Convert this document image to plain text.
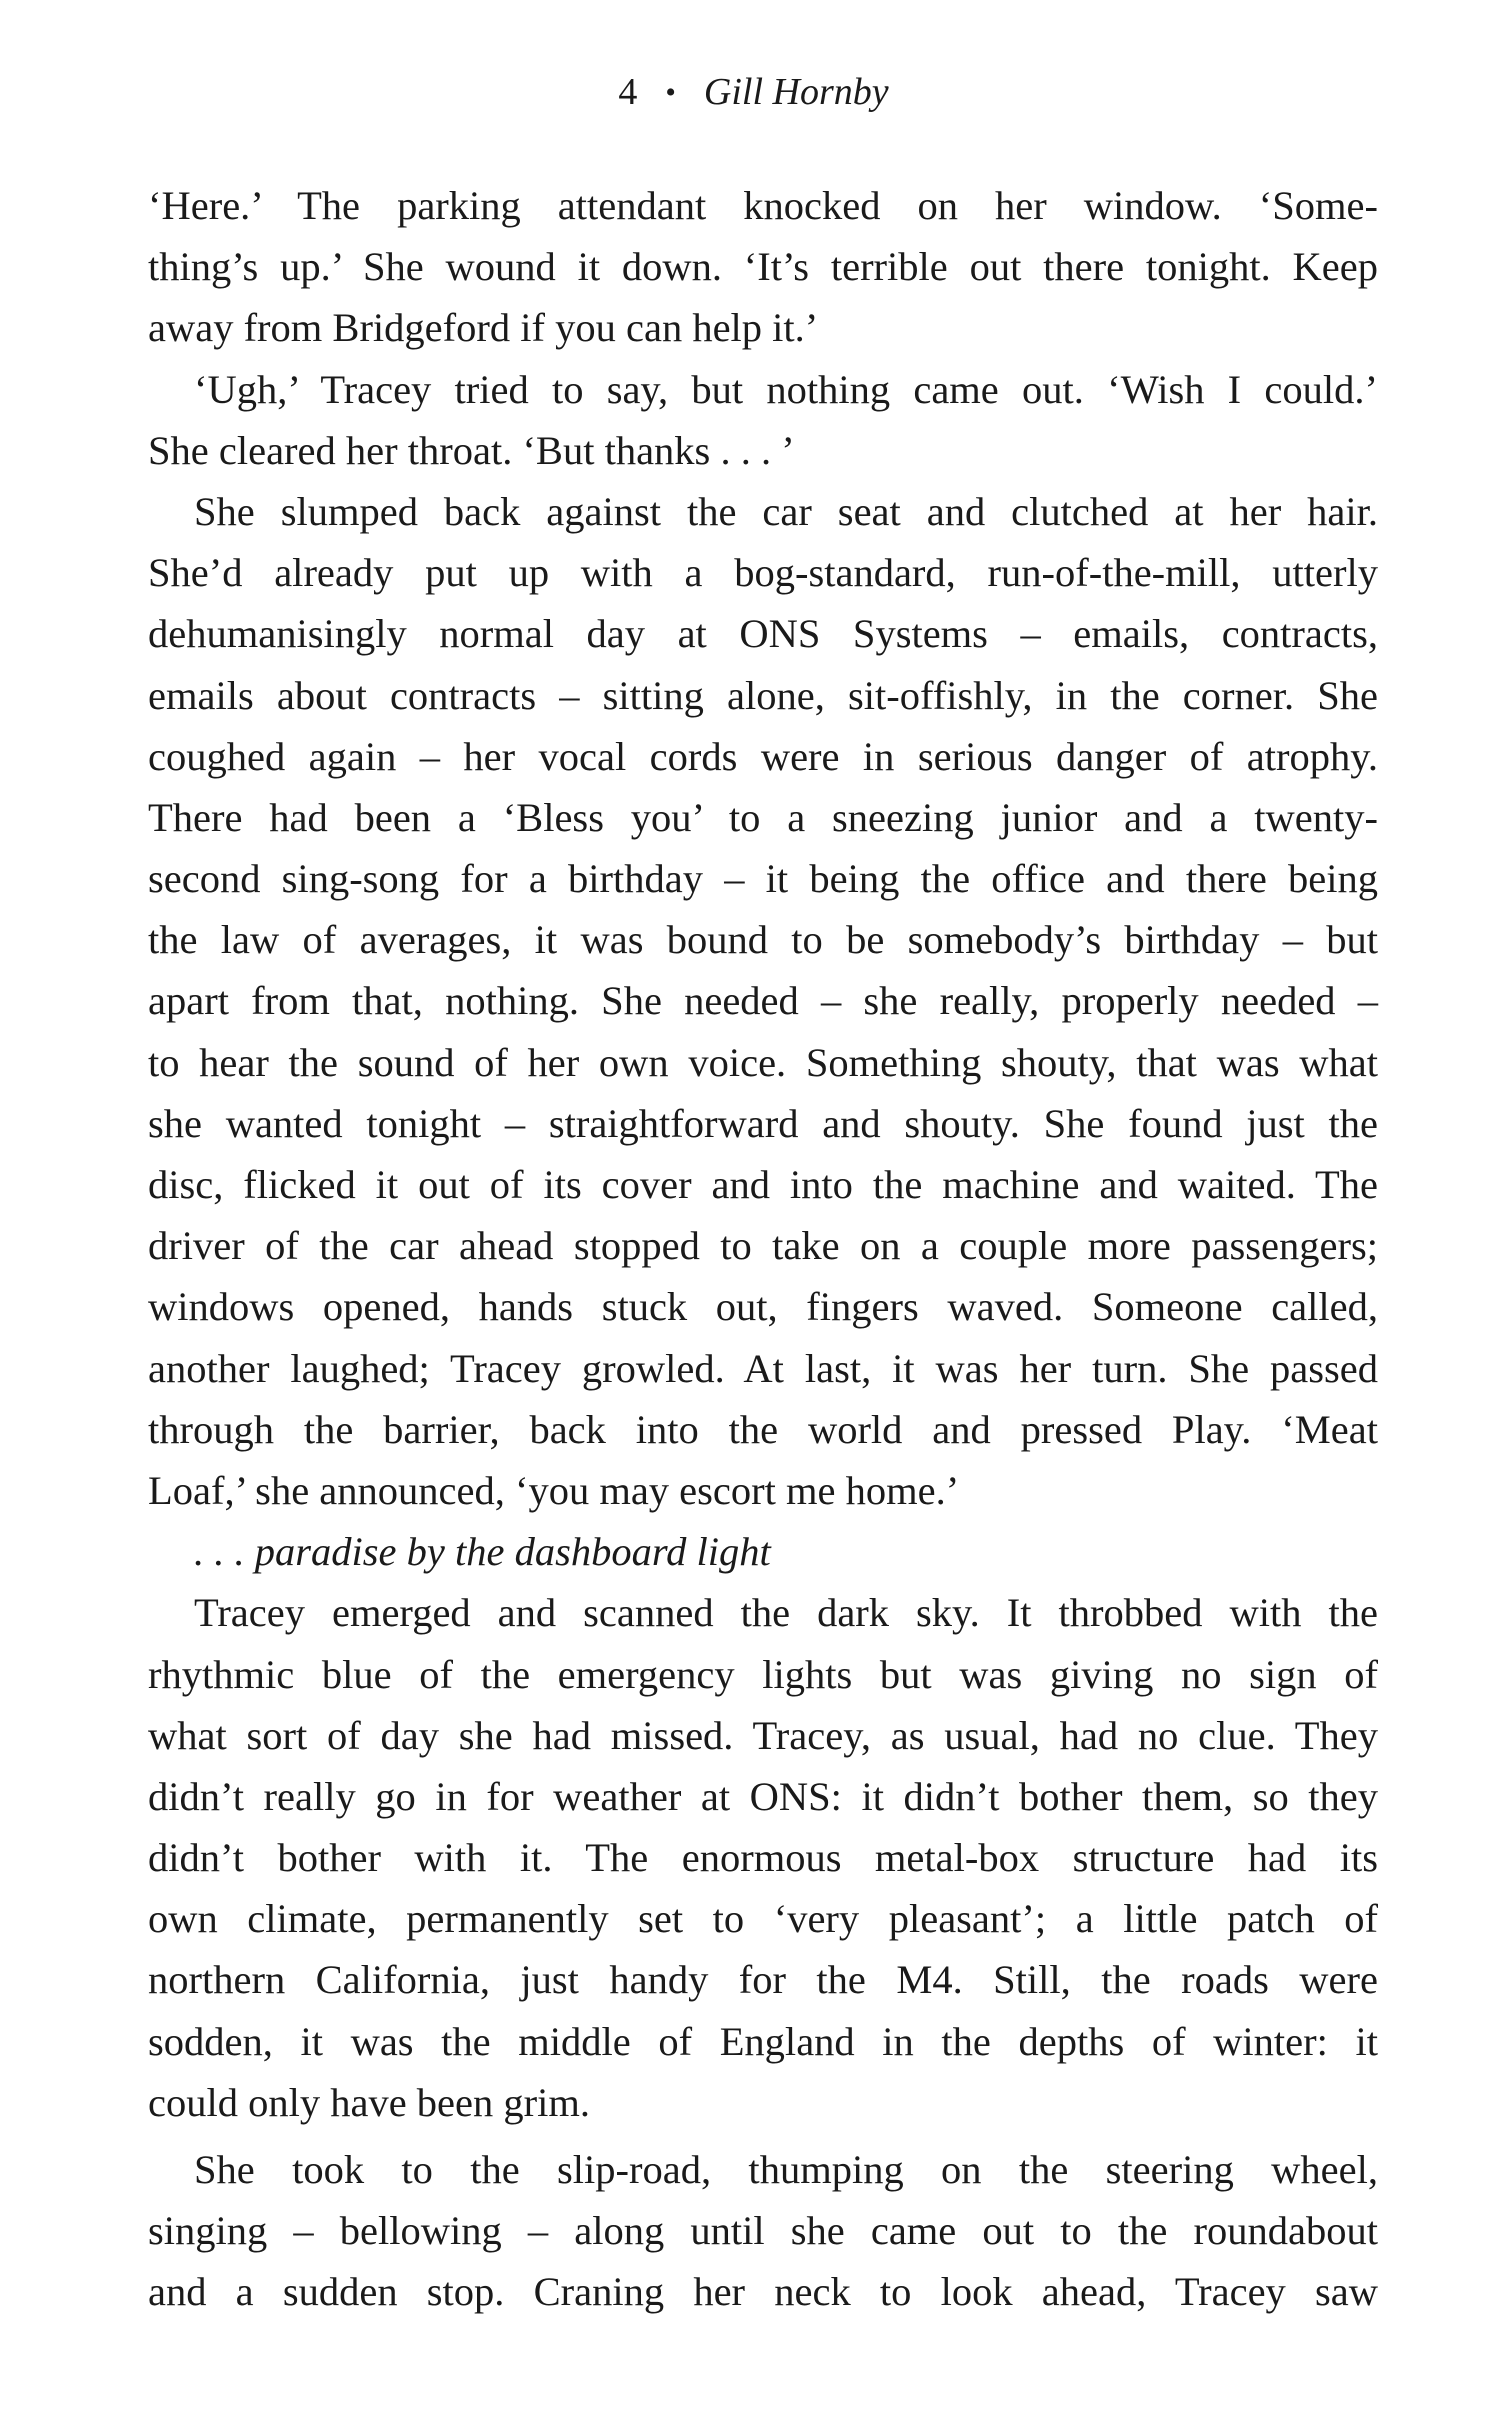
4 • Gill Hornby
‘Here.’ The parking attendant knocked on her window. ‘Some-
thing’s up.’ She wound it down. ‘It’s terrible out there tonight. Keep
away from Bridgeford if you can help it.’
‘Ugh,’ Tracey tried to say, but nothing came out. ‘Wish I could.’
She cleared her throat. ‘But thanks . . . ’
She slumped back against the car seat and clutched at her hair.
She’d already put up with a bog-standard, run-of-the-mill, utterly
dehumanisingly normal day at ONS Systems – emails, contracts,
emails about contracts – sitting alone, sit-offishly, in the corner. She
coughed again – her vocal cords were in serious danger of atrophy.
There had been a ‘Bless you’ to a sneezing junior and a twenty-
second sing-song for a birthday – it being the office and there being
the law of averages, it was bound to be somebody’s birthday – but
apart from that, nothing. She needed – she really, properly needed –
to hear the sound of her own voice. Something shouty, that was what
she wanted tonight – straightforward and shouty. She found just the
disc, flicked it out of its cover and into the machine and waited. The
driver of the car ahead stopped to take on a couple more passengers;
windows opened, hands stuck out, fingers waved. Someone called,
another laughed; Tracey growled. At last, it was her turn. She passed
through the barrier, back into the world and pressed Play. ‘Meat
Loaf,’ she announced, ‘you may escort me home.’
. . . paradise by the dashboard light
Tracey emerged and scanned the dark sky. It throbbed with the
rhythmic blue of the emergency lights but was giving no sign of
what sort of day she had missed. Tracey, as usual, had no clue. They
didn’t really go in for weather at ONS: it didn’t bother them, so they
didn’t bother with it. The enormous metal-box structure had its
own climate, permanently set to ‘very pleasant’; a little patch of
northern California, just handy for the M4. Still, the roads were
sodden, it was the middle of England in the depths of winter: it
could only have been grim.
She took to the slip-road, thumping on the steering wheel,
singing – bellowing – along until she came out to the roundabout
and a sudden stop. Craning her neck to look ahead, Tracey saw
